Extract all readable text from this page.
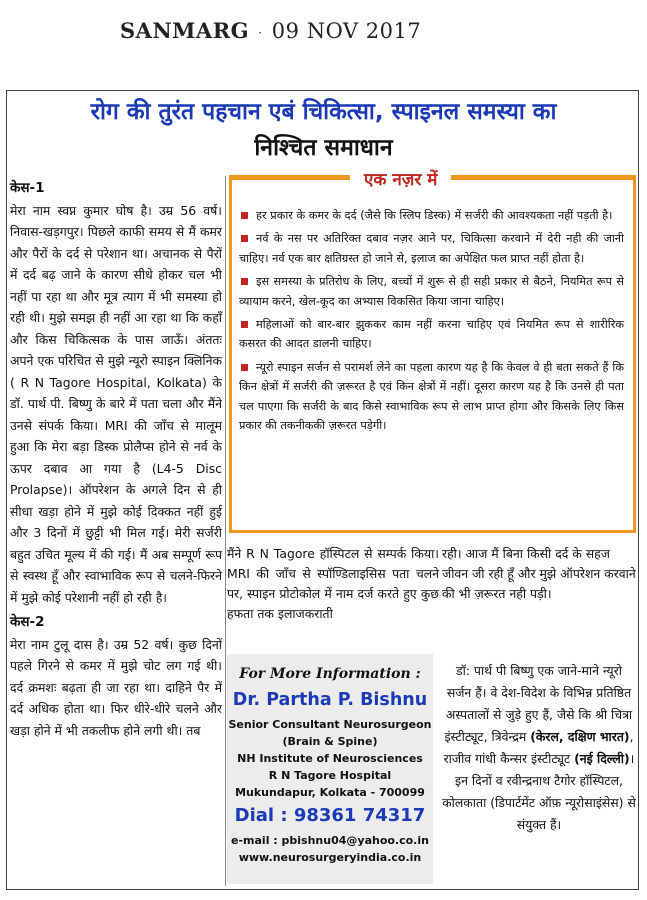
SANMARG · 09 NOV 2017
रोग की तुरंत पहचान एबं चिकित्सा, स्पाइनल समस्या का
निश्चित समाधान
केस-1

मेरा नाम स्वप्न कुमार घोष है। उम्र 56 वर्ष। निवास-खड़गपुर। पिछले काफी समय से मैं कमर और पैरों के दर्द से परेशान था। अचानक से पैरों में दर्द बढ़ जाने के कारण सीधे होकर चल भी नहीं पा रहा था और मूत्र त्याग में भी समस्या हो रही थी। मुझे समझ ही नहीं आ रहा था कि कहाँ और किस चिकित्सक के पास जाऊँ। अंततः अपने एक परिचित से मुझे न्यूरो स्पाइन क्लिनिक ( R N Tagore Hospital, Kolkata) के डॉ. पार्थ पी. बिष्णु के बारे में पता चला और मैंने उनसे संपर्क किया। MRI की जाँच से मालूम हुआ कि मेरा बड़ा डिस्क प्रोलैप्स होने से नर्व के ऊपर दबाव आ गया है (L4-5 Disc Prolapse)। ऑपरेशन के अगले दिन से ही सीधा खड़ा होने में मुझे कोई दिक्कत नहीं हुई और 3 दिनों में छुट्टी भी मिल गई। मेरी सर्जरी बहुत उचित मूल्य में की गई। मैं अब सम्पूर्ण रूप से स्वस्थ हूँ और स्वाभाविक रूप से चलने-फिरने में मुझे कोई परेशानी नहीं हो रही है।

केस-2

मेरा नाम टुलू दास है। उम्र 52 वर्ष। कुछ दिनों पहले गिरने से कमर में मुझे चोट लग गई थी। दर्द क्रमशः बढ़ता ही जा रहा था। दाहिने पैर में दर्द अधिक होता था। फिर धीरे-धीरे चलने और खड़ा होने में भी तकलीफ होने लगी थी। तब

एक नज़र में
हर प्रकार के कमर के दर्द (जैसे कि स्लिप डिस्क) में सर्जरी की आवश्यकता नहीं पड़ती है।
नर्व के नस पर अतिरिक्त दबाव नज़र आने पर, चिकित्सा करवाने में देरी नही की जानी चाहिए। नर्व एक बार क्षतिग्रस्त हो जाने से, इलाज का अपेक्षित फल प्राप्त नहीं होता है।
इस समस्या के प्रतिरोध के लिए, बच्चों में शुरू से ही सही प्रकार से बैठने, नियमित रूप से व्यायाम करने, खेल-कूद का अभ्यास विकसित किया जाना चाहिए।
महिलाओं को बार-बार झुककर काम नहीं करना चाहिए एवं नियमित रूप से शारीरिक कसरत की आदत डालनी चाहिए।
न्यूरो स्पाइन सर्जन से परामर्श लेने का पहला कारण यह है कि केवल वे ही बता सकते हैं कि किन क्षेत्रों में सर्जरी की ज़रूरत है एवं किन क्षेत्रों में नहीं। दूसरा कारण यह है कि उनसे ही पता चल पाएगा कि सर्जरी के बाद किसे स्वाभाविक रूप से लाभ प्राप्त होगा और किसके लिए किस प्रकार की तकनीककी ज़रूरत पड़ेगी।
मैंने R N Tagore हॉस्पिटल से सम्पर्क किया। MRI की जाँच से स्पॉण्डिलाइसिस पता चलने पर, स्पाइन प्रोटोकोल में नाम दर्ज करते हुए कुछ हफता तक इलाजकराती
रही। आज मैं बिना किसी दर्द के सहज जीवन जी रही हूँ और मुझे ऑपरेशन करवाने की भी ज़रूरत नही पड़ी।
For More Information :
Dr. Partha P. Bishnu
Senior Consultant Neurosurgeon
(Brain & Spine)
NH Institute of Neurosciences
R N Tagore Hospital
Mukundapur, Kolkata - 700099
Dial : 98361 74317
e-mail : pbishnu04@yahoo.co.in
www.neurosurgeryindia.co.in
डॉ: पार्थ पी बिष्णु एक जाने-माने न्यूरो सर्जन हैं। वे देश-विदेश के विभिन्न प्रतिष्ठित अस्पतालों से जुड़े हुए हैं, जैसे कि श्री चित्रा इंस्टीट्यूट, त्रिवेन्द्रम (केरल, दक्षिण भारत), राजीव गांधी कैन्सर इंस्टीट्यूट (नई दिल्ली)। इन दिनों व रवीन्द्रनाथ टैगोर हॉस्पिटल, कोलकाता (डिपार्टमेंट ऑफ़ न्यूरोसाइंसेस) से संयुक्त हैं।
